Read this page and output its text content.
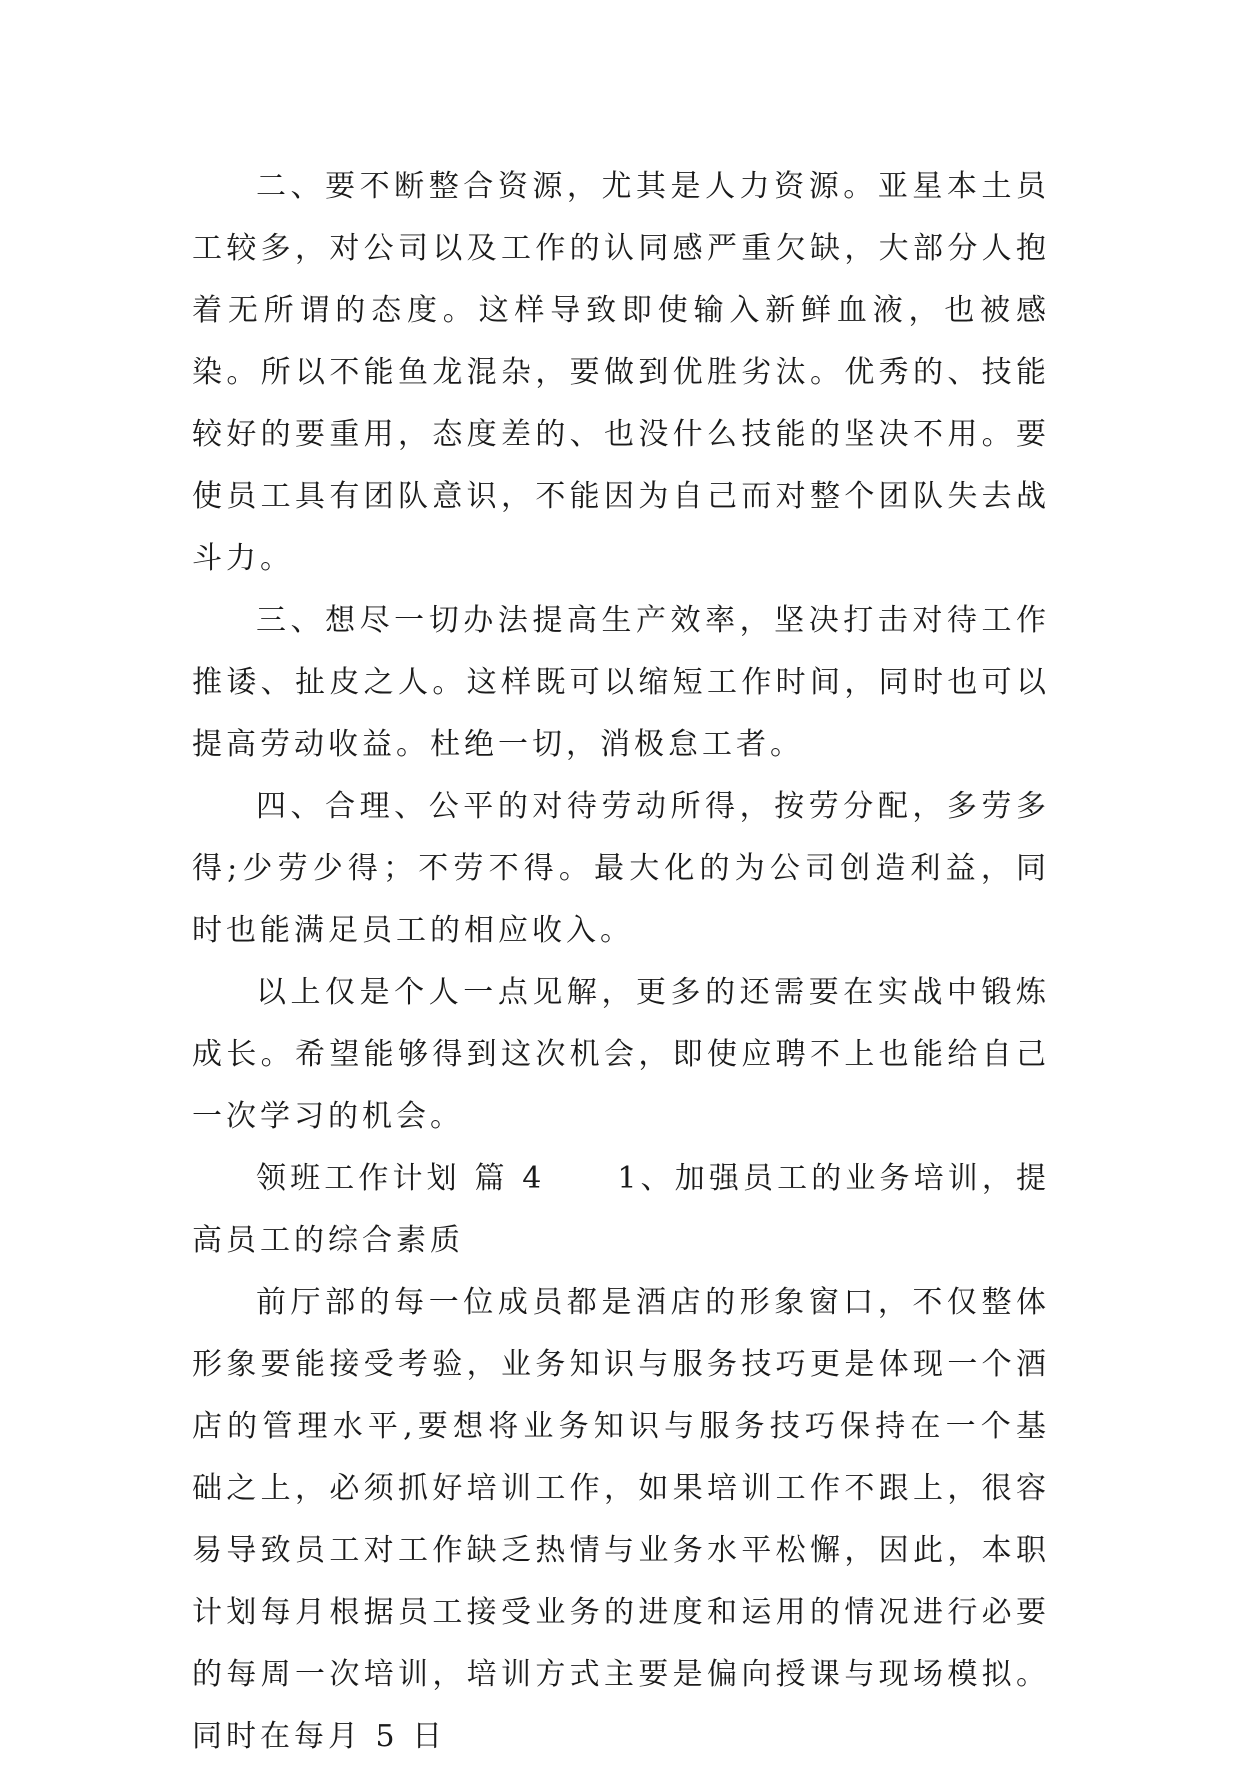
二、要不断整合资源，尤其是人力资源。亚星本土员工较多，对公司以及工作的认同感严重欠缺，大部分人抱着无所谓的态度。这样导致即使输入新鲜血液，也被感染。所以不能鱼龙混杂，要做到优胜劣汰。优秀的、技能较好的要重用，态度差的、也没什么技能的坚决不用。要使员工具有团队意识，不能因为自己而对整个团队失去战斗力。

三、想尽一切办法提高生产效率，坚决打击对待工作推诿、扯皮之人。这样既可以缩短工作时间，同时也可以提高劳动收益。杜绝一切，消极怠工者。

四、合理、公平的对待劳动所得，按劳分配，多劳多得;少劳少得；不劳不得。最大化的为公司创造利益，同时也能满足员工的相应收入。

以上仅是个人一点见解，更多的还需要在实战中锻炼成长。希望能够得到这次机会，即使应聘不上也能给自己一次学习的机会。

领班工作计划 篇 4 1、加强员工的业务培训，提高员工的综合素质

前厅部的每一位成员都是酒店的形象窗口，不仅整体形象要能接受考验，业务知识与服务技巧更是体现一个酒店的管理水平,要想将业务知识与服务技巧保持在一个基础之上，必须抓好培训工作，如果培训工作不跟上，很容易导致员工对工作缺乏热情与业务水平松懈，因此，本职计划每月根据员工接受业务的进度和运用的情况进行必要的每周一次培训，培训方式主要是偏向授课与现场模拟。同时在每月 5 日
